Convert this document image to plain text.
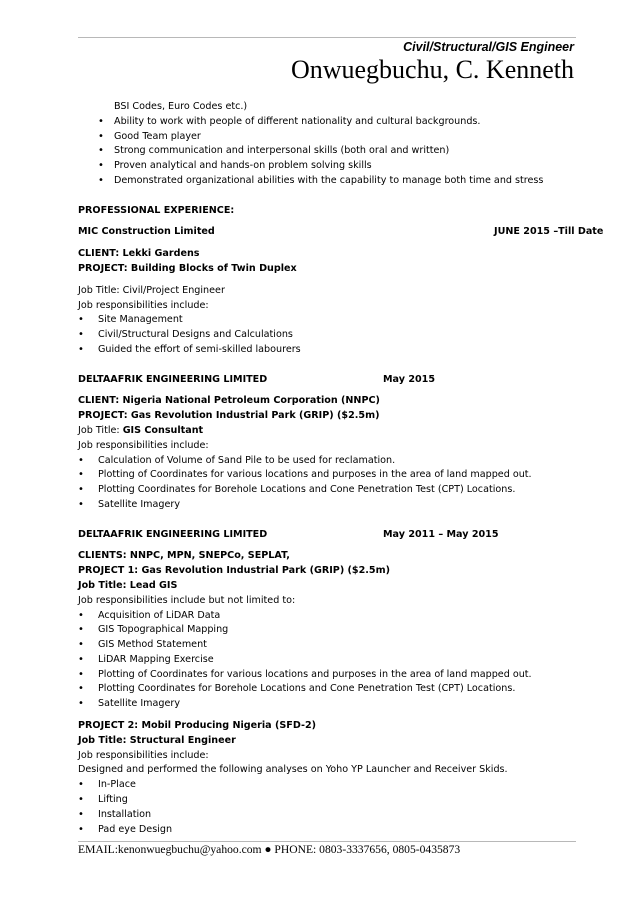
Civil/Structural/GIS Engineer
Onwuegbuchu, C. Kenneth
BSI Codes, Euro Codes etc.)
• Ability to work with people of different nationality and cultural backgrounds.
• Good Team player
• Strong communication and interpersonal skills (both oral and written)
• Proven analytical and hands-on problem solving skills
• Demonstrated organizational abilities with the capability to manage both time and stress
PROFESSIONAL EXPERIENCE:
MIC Construction Limited	JUNE 2015 –Till Date
CLIENT: Lekki Gardens
PROJECT: Building Blocks of Twin Duplex
Job Title: Civil/Project Engineer
Job responsibilities include:
• Site Management
• Civil/Structural Designs and Calculations
• Guided the effort of semi-skilled labourers
DELTAAFRIK ENGINEERING LIMITED	May 2015
CLIENT: Nigeria National Petroleum Corporation (NNPC)
PROJECT: Gas Revolution Industrial Park (GRIP) ($2.5m)
Job Title: GIS Consultant
Job responsibilities include:
• Calculation of Volume of Sand Pile to be used for reclamation.
• Plotting of Coordinates for various locations and purposes in the area of land mapped out.
• Plotting Coordinates for Borehole Locations and Cone Penetration Test (CPT) Locations.
• Satellite Imagery
DELTAAFRIK ENGINEERING LIMITED	May 2011 – May 2015
CLIENTS: NNPC, MPN, SNEPCo, SEPLAT,
PROJECT 1: Gas Revolution Industrial Park (GRIP) ($2.5m)
Job Title: Lead GIS
Job responsibilities include but not limited to:
• Acquisition of LiDAR Data
• GIS Topographical Mapping
• GIS Method Statement
• LiDAR Mapping Exercise
• Plotting of Coordinates for various locations and purposes in the area of land mapped out.
• Plotting Coordinates for Borehole Locations and Cone Penetration Test (CPT) Locations.
• Satellite Imagery
PROJECT 2: Mobil Producing Nigeria (SFD-2)
Job Title: Structural Engineer
Job responsibilities include:
Designed and performed the following analyses on Yoho YP Launcher and Receiver Skids.
• In-Place
• Lifting
• Installation
• Pad eye Design
EMAIL:kenonwuegbuchu@yahoo.com ● PHONE: 0803-3337656, 0805-0435873
